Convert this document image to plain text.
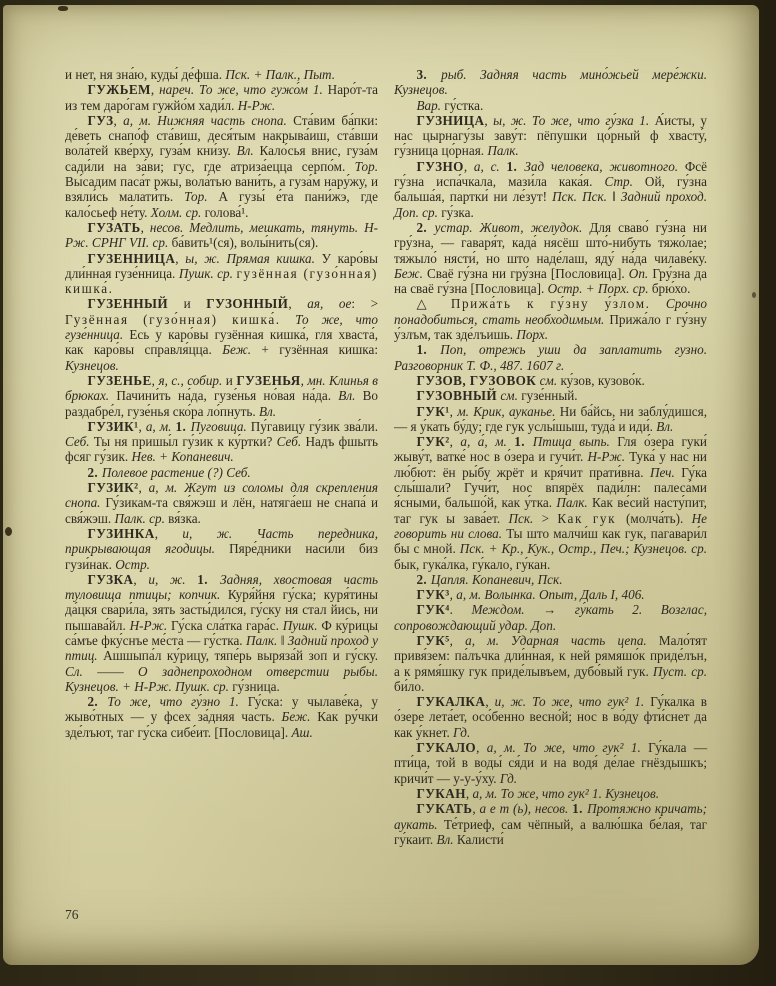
и нет, ня зна́ю, куды́ де́фша. Пск. + Палк., Пыт.

ГУЖЬЕМ, нареч. То же, что гужо́м 1. Наро́т-та из тем даро́гам гужйо́м хади́л. Н-Рж.

ГУЗ, а, м. Нижняя часть снопа. Ста́вим ба́пки: де́веть снапо́ф ста́виш, деся́тым накрыва́иш, ста́вши вола́тей кве́рху, гуза́м кни́зу. Вл. Кало́сья внис, гуза́м сади́ли на за́ви; гус, где атриза́ецца серпо́м. Тор. Вы́садим паса́т ржы, вола́тью вани́ть, а гуза́м нару́жу, и взяли́сь малати́ть. Тор. А гузы́ е́та пани́жэ, где кало́сьеф не́ту. Холм. ср. голова́¹.

ГУЗАТЬ, несов. Медлить, мешкать, тянуть. Н-Рж. СРНГ VII. ср. ба́вить¹(ся), волы́нить(ся).

ГУЗЕННИЦА, ы, ж. Прямая кишка. У каро́вы дли́нная гузе́нница. Пушк. ср. гузённая (гузо́нная) кишка́.

ГУЗЕННЫЙ и ГУЗОННЫЙ, ая, ое: > Гузённая (гузо́нная) кишка́. То же, что гузе́нница. Есь у каро́вы гузённая кишка́, гля хваста́, как каро́вы справля́цца. Беж. + гузённая кишка: Кузнецов.

ГУЗЕНЬЕ, я, с., собир. и ГУЗЕНЬЯ, мн. Клинья в брюках. Пачини́ть на́да, гузе́нья но́вая на́да. Вл. Во раздабре́л, гузе́нья ско́ра ло́пнуть. Вл.

ГУЗИК¹, а, м. 1. Пуговица. Пу́гавицу гу́зик зва́ли. Себ. Ты ня пришы́л гу́зик к ку́ртки? Себ. Надъ фшыть фсяг гу́зик. Нев. + Копаневич.

2. Полевое растение (?) Себ.

ГУЗИК², а, м. Жгут из соломы для скрепления снопа. Гу́зикам-та свя́жэш и лён, натяга́еш не снапа́ и свя́жэш. Палк. ср. вя́зка.

ГУЗИНКА, и, ж. Часть передника, прикрывающая ягодицы. Пяре́дники наси́ли биз гузи́нак. Остр.

ГУЗКА, и, ж. 1. Задняя, хвостовая часть туловища птицы; копчик. Куря́йня гу́ска; куря́тины да́цкя свари́ла, зять засты́дился, гу́ску ня стал йись, ни пышава́йл. Н-Рж. Гу́ска сла́тка гара́с. Пушк. Ф ку́рицы са́мъе фку́снъе ме́ста — гу́стка. Палк. ‖ Задний проход у птиц. Ашшыпа́л ку́рицу, тяпе́рь выряза́й зоп и гу́ску. Сл. —— О заднепроходном отверстии рыбы. Кузнецов. + Н-Рж. Пушк. ср. гу́зница.

2. То же, что гу́зно 1. Гу́ска: у чылаве́ка, у жыво́тных — у фсех за́дняя часть. Беж. Как ру́чки зде́лъют, таг гу́ска сибе́ит. [Пословица]. Аш.

3. рыб. Задняя часть мино́жьей мере́жки. Кузнецов.

Вар. гу́стка.

ГУЗНИЦА, ы, ж. То же, что гу́зка 1. А́исты, у нас цырнагу́зы заву́т: пёпушки цо́рный ф хвасту́, гу́зница цо́рная. Палк.

ГУЗНО, а, с. 1. Зад человека, животного. Фсё гу́зна испа́чкала, мази́ла кака́я. Стр. Ой, гу́зна бальша́я, партки́ ни ле́зут! Пск. Пск. ‖ Задний проход. Доп. ср. гу́зка.

2. устар. Живот, желудок. Для сваво́ гу́зна ни гру́зна, — гаваря́т, када́ нясёш што́-нибуть тяжо́лае; тяжыло́ нясти́, но што наде́лаш, яду́ на́да чилаве́ку. Беж. Сваё гу́зна ни гру́зна [Пословица]. Оп. Гру́зна да на сваё гу́зна [Пословица]. Остр. + Порх. ср. брю́хо.

△ Прижа́ть к гу́зну у́злом. Срочно понадобиться, стать необходимым. Прижа́ло г гу́зну у́злъм, так зде́лъишь. Порх.

1. Поп, отрежь уши да заплатить гузно. Разговорник Т. Ф., 487. 1607 г.

ГУЗОВ, ГУЗОВОК см. ку́зов, кузово́к.

ГУЗОВНЫЙ см. гузе́нный.

ГУК¹, м. Крик, ауканье. Ни ба́йсь, ни заблу́дишся, — я у́кать бу́ду; где гук услы́шыш, туда́ и иди́. Вл.

ГУК², а, а́, м. 1. Птица выпь. Гля о́зера гуки́ жыву́т, ватке́ нос в о́зера и гучи́т. Н-Рж. Тука́ у нас ни лю́бют: ён ры́бу жрёт и кря́чит прати́вна. Печ. Гу́ка слы́шали? Гучи́т, нос впярёх пади́лн: палеса́ми я́сными, бальшо́й, как у́тка. Палк. Как ве́сий насту́пит, таг гук ы зава́ет. Пск. > Как гук (молча́ть). Не говорить ни слова. Ты што малчи́ш как гук, пагавари́л бы с мной. Пск. + Кр., Кук., Остр., Печ.; Кузнецов. ср. бык, гука́лка, гу́кало, гу́кан.

2. Цапля. Копаневич, Пск.

ГУК³, а, м. Волынка. Опыт, Даль I, 406.

ГУК⁴. Междом. → гу́кать 2. Возглас, сопровождающий удар. Доп.

ГУК⁵, а, м. Ударная часть цепа. Мало́тят привя́зем: па́лъчка дли́нная, к ней рямяшо́к приде́лън, а к рямя́шку гук приде́лывъем, дубо́вый гук. Пуст. ср. би́ло.

ГУКАЛКА, и, ж. То же, что гук² 1. Гу́калка в о́зере лета́ет, осо́бенно весно́й; нос в во́ду фти́снет да как у́кнет. Гд.

ГУКАЛО, а, м. То же, что гук² 1. Гу́кала — пти́ца, той в воды́ ся́ди и на водя́ де́лае гнёздышкъ; кричи́т — у-у-у́ху. Гд.

ГУКАН, а, м. То же, что гук² 1. Кузнецов.

ГУКАТЬ, а е т (ь), несов. 1. Протяжно кричать; аукать. Те́триеф, сам чёпный, а валю́шка бе́лая, таг гу́каит. Вл. Калисти́

76
